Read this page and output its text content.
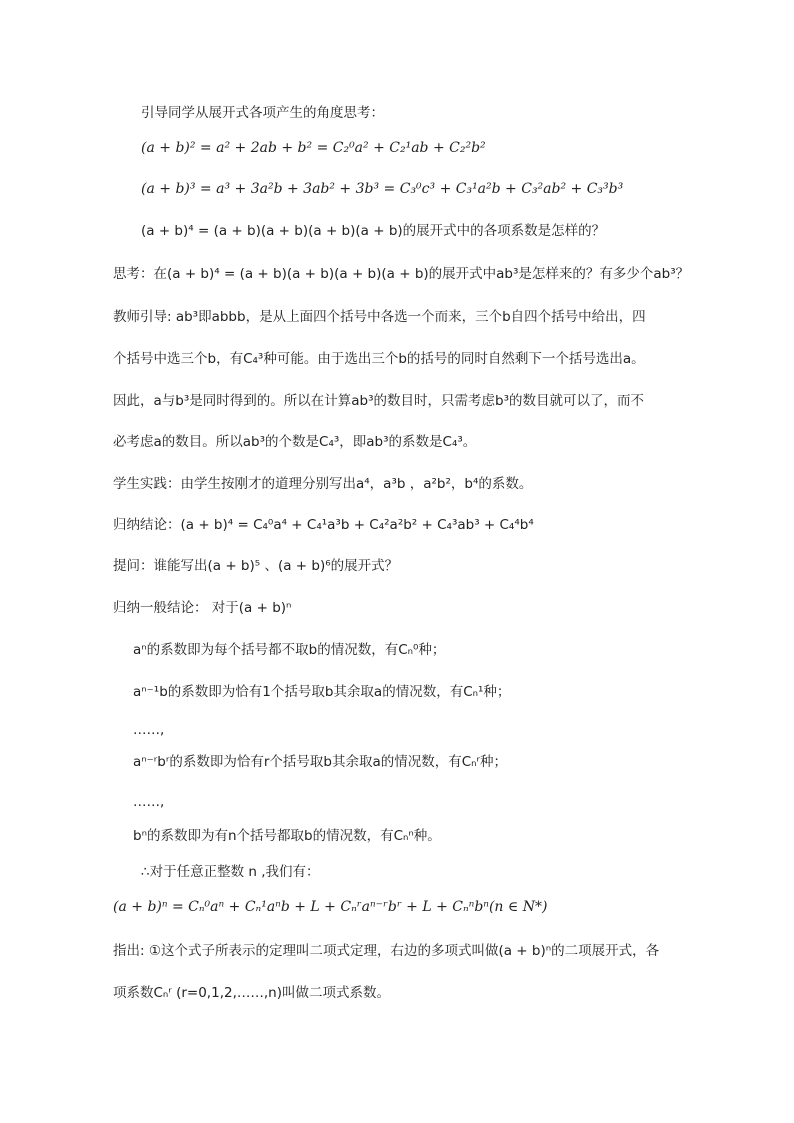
引导同学从展开式各项产生的角度思考：
(a + b)² = a² + 2ab + b² = C₂⁰a² + C₂¹ab + C₂²b²
(a + b)³ = a³ + 3a²b + 3ab² + 3b³ = C₃⁰c³ + C₃¹a²b + C₃²ab² + C₃³b³
(a + b)⁴ = (a + b)(a + b)(a + b)(a + b)的展开式中的各项系数是怎样的？
思考：在(a + b)⁴ = (a + b)(a + b)(a + b)(a + b)的展开式中ab³是怎样来的？有多少个ab³？
教师引导: ab³即abbb，是从上面四个括号中各选一个而来，三个b自四个括号中给出，四
个括号中选三个b，有C₄³种可能。由于选出三个b的括号的同时自然剩下一个括号选出a。
因此，a与b³是同时得到的。所以在计算ab³的数目时，只需考虑b³的数目就可以了，而不
必考虑a的数目。所以ab³的个数是C₄³，即ab³的系数是C₄³。
学生实践：由学生按刚才的道理分别写出a⁴，a³b ，a²b²，b⁴的系数。
归纳结论：(a + b)⁴ = C₄⁰a⁴ + C₄¹a³b + C₄²a²b² + C₄³ab³ + C₄⁴b⁴
提问：谁能写出(a + b)⁵ 、(a + b)⁶的展开式？
归纳一般结论： 对于(a + b)ⁿ
aⁿ的系数即为每个括号都不取b的情况数，有Cₙ⁰种；
aⁿ⁻¹b的系数即为恰有1个括号取b其余取a的情况数，有Cₙ¹种；
……,
aⁿ⁻ʳbʳ的系数即为恰有r个括号取b其余取a的情况数，有Cₙʳ种；
……,
bⁿ的系数即为有n个括号都取b的情况数，有Cₙⁿ种。
∴对于任意正整数 n ,我们有：
(a + b)ⁿ = Cₙ⁰aⁿ + Cₙ¹aⁿb + L + Cₙʳaⁿ⁻ʳbʳ + L + Cₙⁿbⁿ(n ∈ N*)
指出: ①这个式子所表示的定理叫二项式定理，右边的多项式叫做(a + b)ⁿ的二项展开式，各
项系数Cₙʳ (r=0,1,2,……,n)叫做二项式系数。
